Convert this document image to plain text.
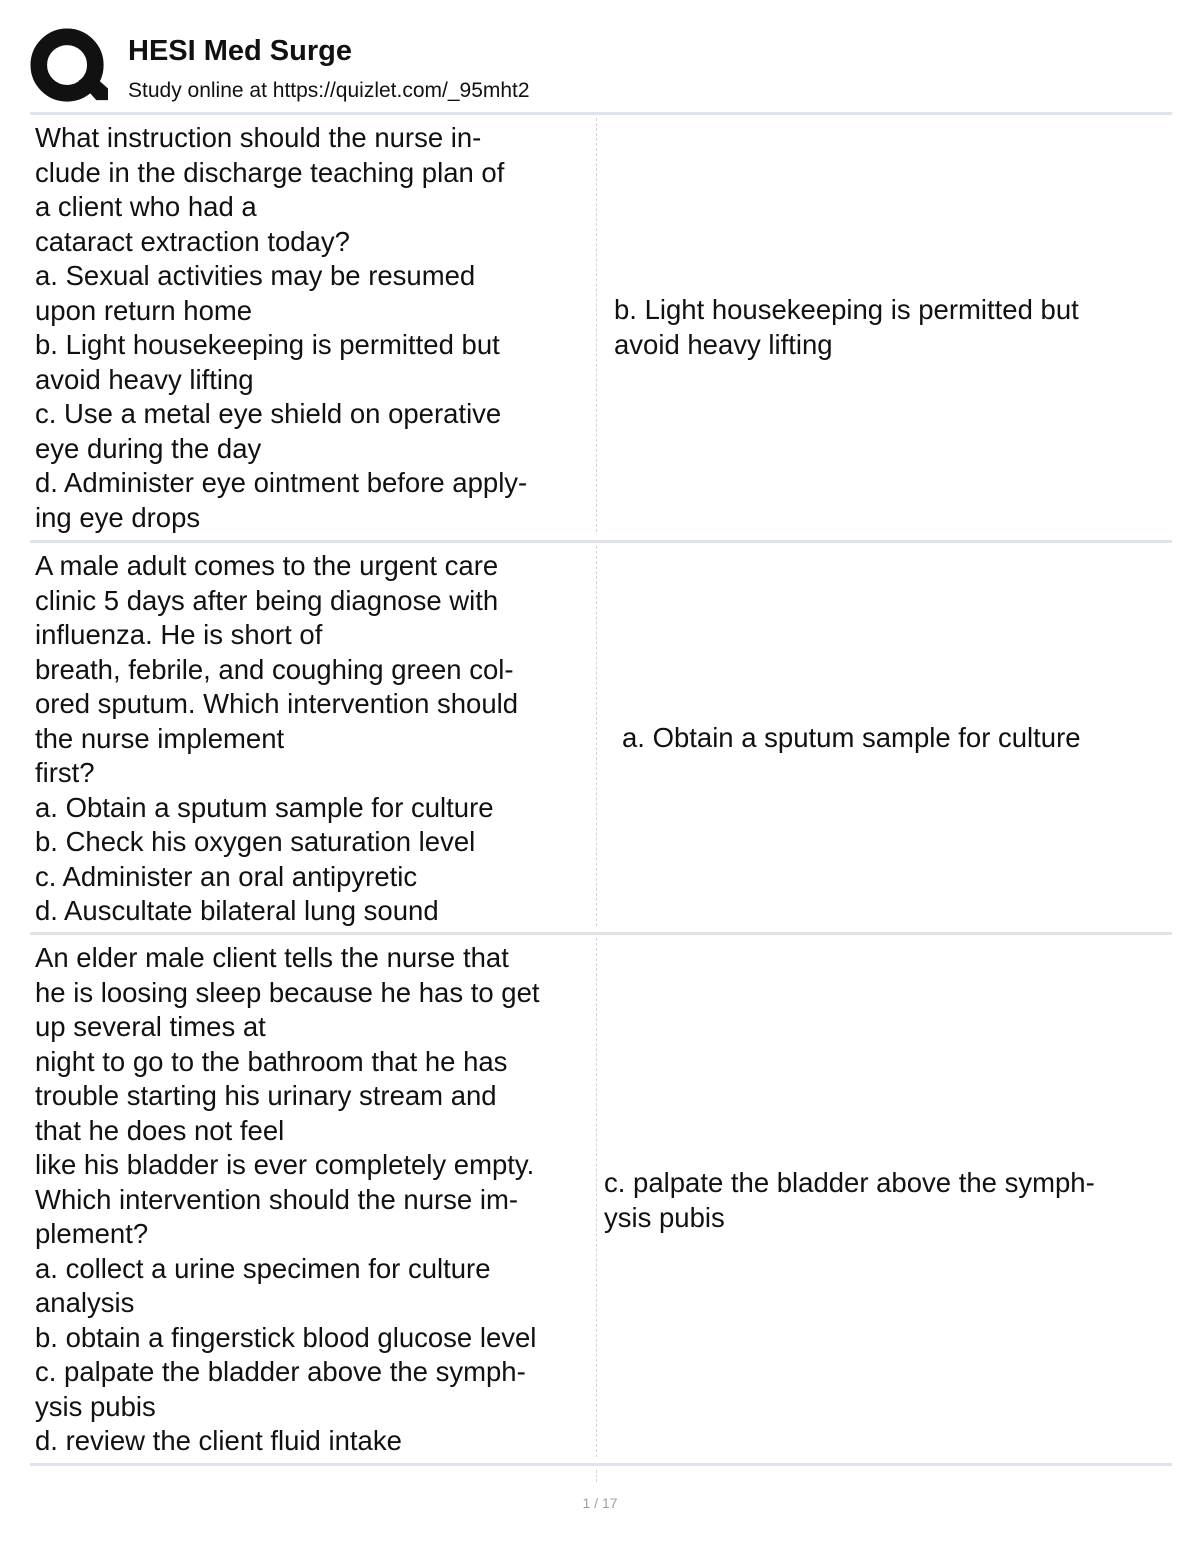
HESI Med Surge
Study online at https://quizlet.com/_95mht2
What instruction should the nurse in-
clude in the discharge teaching plan of
a client who had a
cataract extraction today?
a. Sexual activities may be resumed
upon return home
b. Light housekeeping is permitted but
avoid heavy lifting
c. Use a metal eye shield on operative
eye during the day
d. Administer eye ointment before apply-
ing eye drops
b. Light housekeeping is permitted but
avoid heavy lifting
A male adult comes to the urgent care
clinic 5 days after being diagnose with
influenza. He is short of
breath, febrile, and coughing green col-
ored sputum. Which intervention should
the nurse implement
first?
a. Obtain a sputum sample for culture
b. Check his oxygen saturation level
c. Administer an oral antipyretic
d. Auscultate bilateral lung sound
a. Obtain a sputum sample for culture
An elder male client tells the nurse that
he is loosing sleep because he has to get
up several times at
night to go to the bathroom that he has
trouble starting his urinary stream and
that he does not feel
like his bladder is ever completely empty.
Which intervention should the nurse im-
plement?
a. collect a urine specimen for culture
analysis
b. obtain a fingerstick blood glucose level
c. palpate the bladder above the symph-
ysis pubis
d. review the client fluid intake
c. palpate the bladder above the symph-
ysis pubis
1 / 17
